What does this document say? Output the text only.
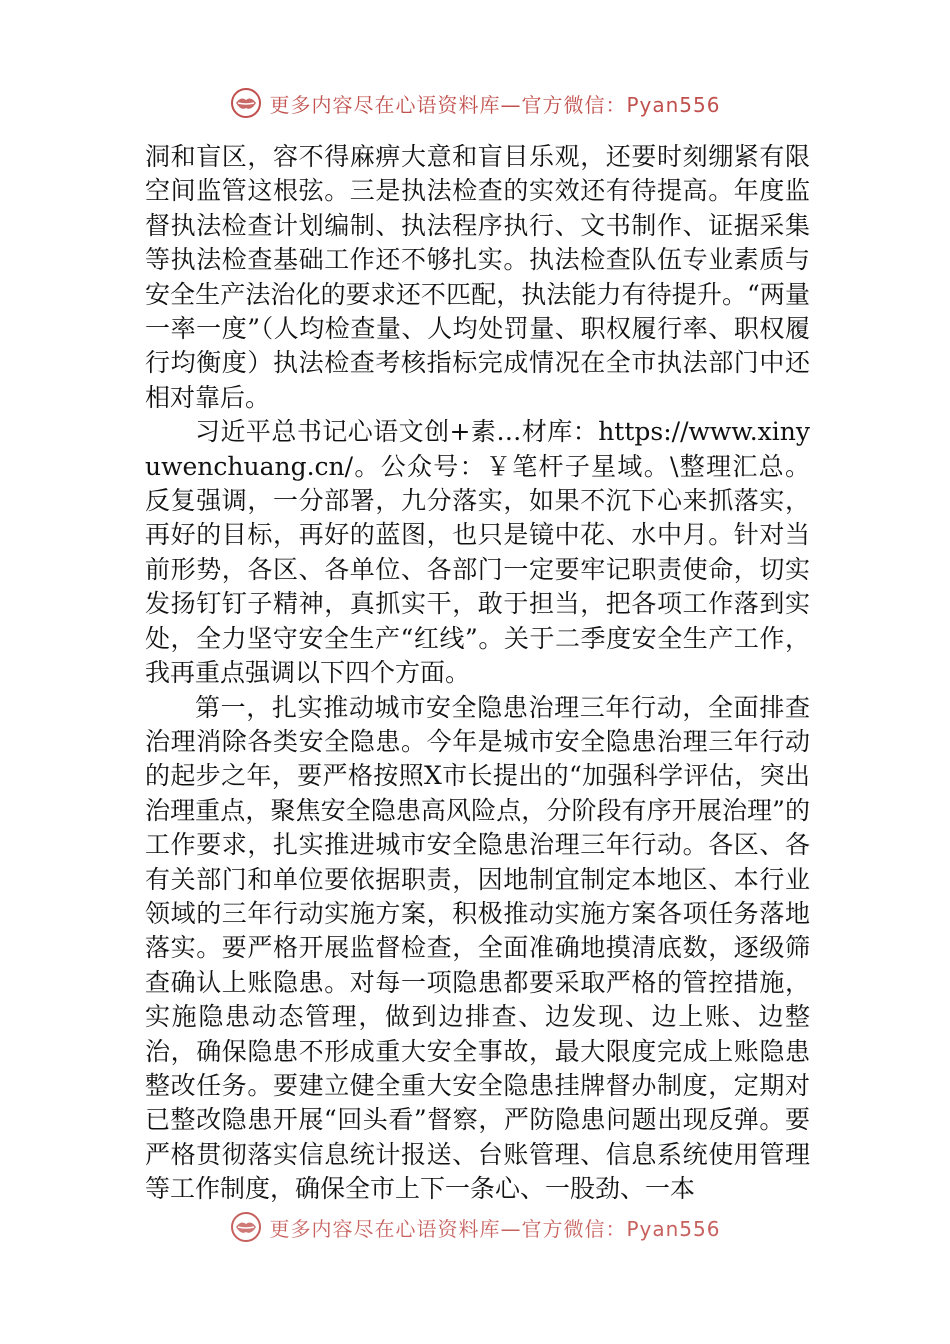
更多内容尽在心语资料库—官方微信：Pyan556

洞和盲区，容不得麻痹大意和盲目乐观，还要时刻绷紧有限空间监管这根弦。三是执法检查的实效还有待提高。年度监督执法检查计划编制、执法程序执行、文书制作、证据采集等执法检查基础工作还不够扎实。执法检查队伍专业素质与安全生产法治化的要求还不匹配，执法能力有待提升。“两量一率一度”（人均检查量、人均处罚量、职权履行率、职权履行均衡度）执法检查考核指标完成情况在全市执法部门中还相对靠后。

习近平总书记心语文创+素…材库：https://www.xinyuwenchuang.cn/。公众号：￥笔杆子星域。\整理汇总。反复强调，一分部署，九分落实，如果不沉下心来抓落实，再好的目标，再好的蓝图，也只是镜中花、水中月。针对当前形势，各区、各单位、各部门一定要牢记职责使命，切实发扬钉钉子精神，真抓实干，敢于担当，把各项工作落到实处，全力坚守安全生产“红线”。关于二季度安全生产工作，我再重点强调以下四个方面。

第一，扎实推动城市安全隐患治理三年行动，全面排查治理消除各类安全隐患。今年是城市安全隐患治理三年行动的起步之年，要严格按照X市长提出的“加强科学评估，突出治理重点，聚焦安全隐患高风险点，分阶段有序开展治理”的工作要求，扎实推进城市安全隐患治理三年行动。各区、各有关部门和单位要依据职责，因地制宜制定本地区、本行业领域的三年行动实施方案，积极推动实施方案各项任务落地落实。要严格开展监督检查，全面准确地摸清底数，逐级筛查确认上账隐患。对每一项隐患都要采取严格的管控措施，实施隐患动态管理，做到边排查、边发现、边上账、边整治，确保隐患不形成重大安全事故，最大限度完成上账隐患整改任务。要建立健全重大安全隐患挂牌督办制度，定期对已整改隐患开展“回头看”督察，严防隐患问题出现反弹。要严格贯彻落实信息统计报送、台账管理、信息系统使用管理等工作制度，确保全市上下一条心、一股劲、一本

更多内容尽在心语资料库—官方微信：Pyan556
